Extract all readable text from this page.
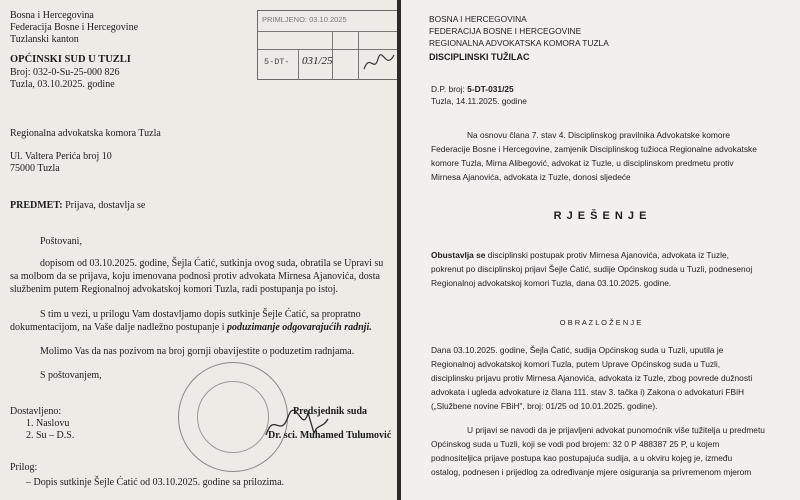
Bosna i Hercegovina
Federacija Bosne i Hercegovine
Tuzlanski kanton
OPĆINSKI SUD U TUZLI
Broj: 032-0-Su-25-000 826
Tuzla, 03.10.2025. godine
PRIMLJENO: 03.10.2025
5-DT- 031/25
Regionalna advokatska komora Tuzla
Ul. Valtera Perića broj 10
75000 Tuzla
PREDMET: Prijava, dostavlja se
Poštovani,
dopisom od 03.10.2025. godine, Šejla Ćatić, sutkinja ovog suda, obratila se Upravi su
sa molbom da se prijava, koju imenovana podnosi protiv advokata Mirnesa Ajanovića, dosta
službenim putem Regionalnoj advokatskoj komori Tuzla, radi postupanja po istoj.
S tim u vezi, u prilogu Vam dostavljamo dopis sutkinje Šejle Ćatić, sa propratno
dokumentacijom, na Vaše dalje nadležno postupanje i poduzimanje odgovarajućih radnji.
Molimo Vas da nas pozivom na broj gornji obavijestite o poduzetim radnjama.
S poštovanjem,
Predsjednik suda
Dr. sci. Muhamed Tulumović
Dostavljeno:
1. Naslovu
2. Su – D.S.
Prilog:
– Dopis sutkinje Šejle Ćatić od 03.10.2025. godine sa prilozima.
BOSNA I HERCEGOVINA
FEDERACIJA BOSNE I HERCEGOVINE
REGIONALNA ADVOKATSKA KOMORA TUZLA
DISCIPLINSKI TUŽILAC
D.P. broj: 5-DT-031/25
Tuzla, 14.11.2025. godine
Na osnovu člana 7. stav 4. Disciplinskog pravilnika Advokatske komore
Federacije Bosne i Hercegovine, zamjenik Disciplinskog tužioca Regionalne advokatske
komore Tuzla, Mirna Alibegović, advokat iz Tuzle, u disciplinskom predmetu protiv
Mirnesa Ajanovića, advokata iz Tuzle, donosi sljedeće
R J E Š E N J E
Obustavlja se disciplinski postupak protiv Mirnesa Ajanovića, advokata iz Tuzle,
pokrenut po disciplinskoj prijavi Šejle Ćatić, sudije Općinskog suda u Tuzli, podnesenoj
Regionalnoj advokatskoj komori Tuzla, dana 03.10.2025. godine.
O B R A Z L O Ž E N J E
Dana 03.10.2025. godine, Šejla Ćatić, sudija Općinskog suda u Tuzli, uputila je
Regionalnoj advokatskoj komori Tuzla, putem Uprave Općinskog suda u Tuzli,
disciplinsku prijavu protiv Mirnesa Ajanovića, advokata iz Tuzle, zbog povrede dužnosti
advokata i ugleda advokature iz člana 111. stav 3. tačka i) Zakona o advokaturi FBiH
(„Službene novine FBiH", broj: 01/25 od 10.01.2025. godine).
U prijavi se navodi da je prijavljeni advokat punomoćnik više tužitelja u predmetu
Općinskog suda u Tuzli, koji se vodi pod brojem: 32 0 P 488387 25 P, u kojem
podnositeljica prijave postupa kao postupajuća sudija, a u okviru kojeg je, između
ostalog, podnesen i prijedlog za određivanje mjere osiguranja sa privremenom mjerom
